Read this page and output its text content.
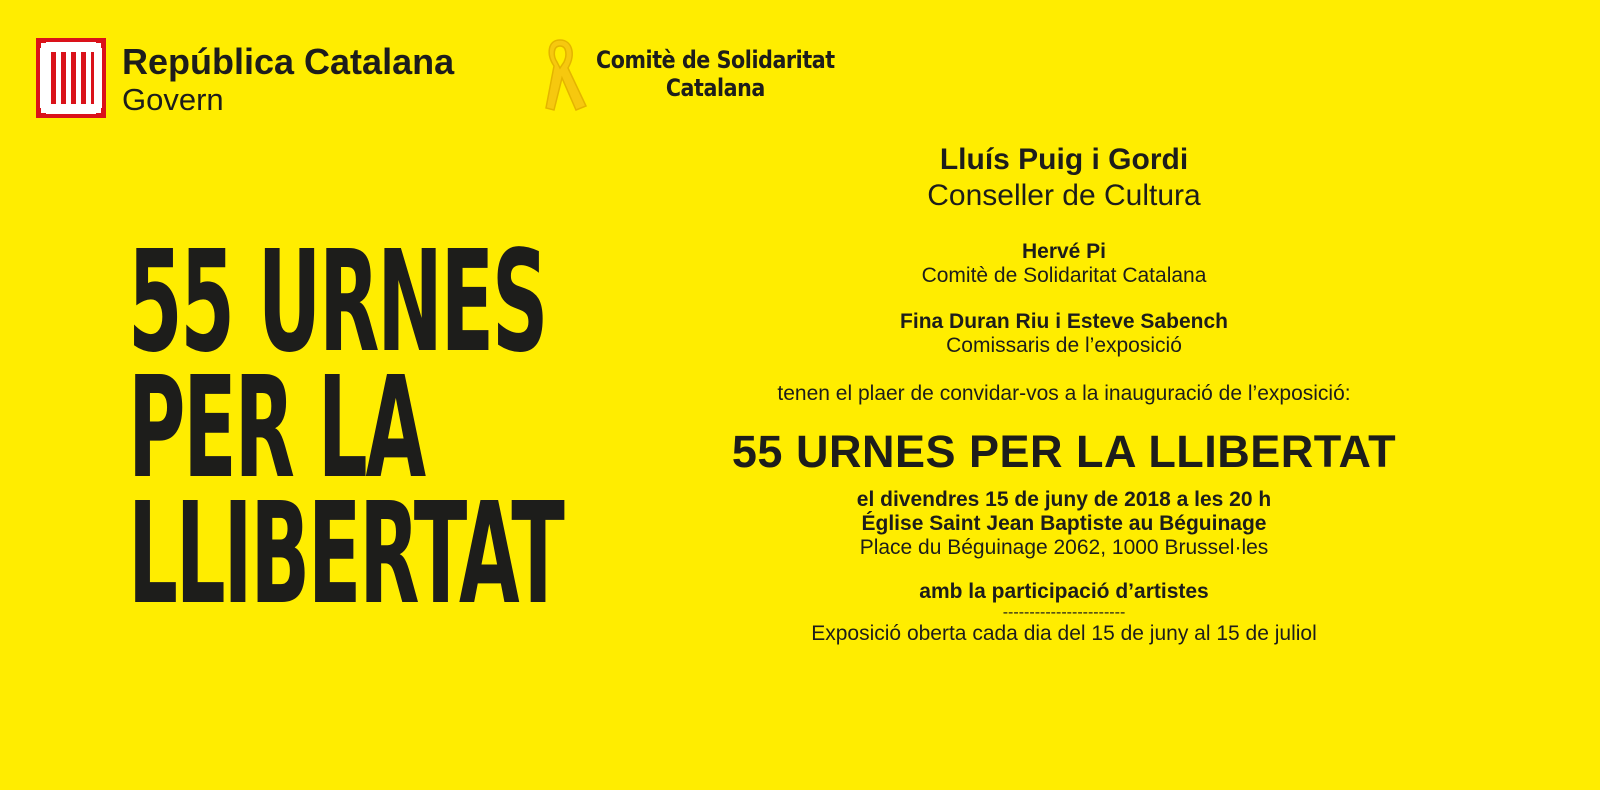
República Catalana
Govern
Comitè de Solidaritat
Catalana
55 URNES
PER LA
LLIBERTAT

Lluís Puig i Gordi

Conseller de Cultura

Hervé Pi

Comitè de Solidaritat Catalana

Fina Duran Riu i Esteve Sabench

Comissaris de l’exposició

tenen el plaer de convidar-vos a la inauguració de l’exposició:

55 URNES PER LA LLIBERTAT

el divendres 15 de juny de 2018 a les 20 h

Église Saint Jean Baptiste au Béguinage

Place du Béguinage 2062, 1000 Brussel·les

amb la participació d’artistes

-----------------------

Exposició oberta cada dia del 15 de juny al 15 de juliol
